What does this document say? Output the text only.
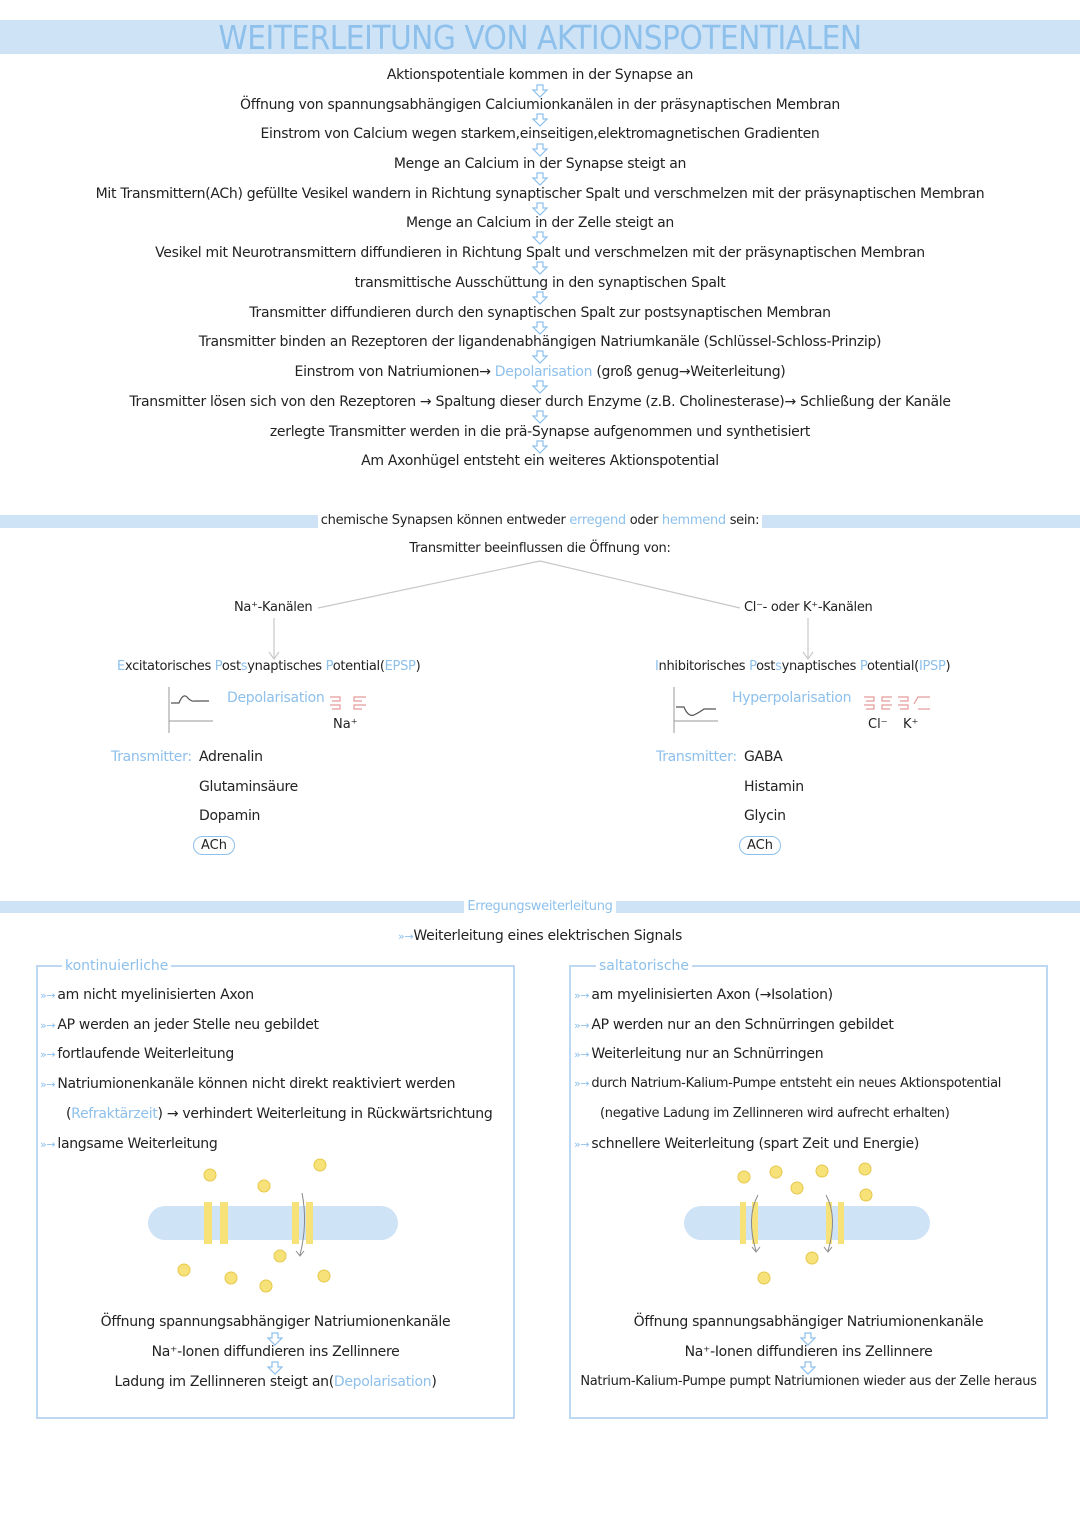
WEITERLEITUNG VON AKTIONSPOTENTIALEN
Aktionspotentiale kommen in der Synapse an
Öffnung von spannungsabhängigen Calciumionkanälen in der präsynaptischen Membran
Einstrom von Calcium wegen starkem,einseitigen,elektromagnetischen Gradienten
Menge an Calcium in der Synapse steigt an
Mit Transmittern(ACh) gefüllte Vesikel wandern in Richtung synaptischer Spalt und verschmelzen mit der präsynaptischen Membran
Menge an Calcium in der Zelle steigt an
Vesikel mit Neurotransmittern diffundieren in Richtung Spalt und verschmelzen mit der präsynaptischen Membran
transmittische Ausschüttung in den synaptischen Spalt
Transmitter diffundieren durch den synaptischen Spalt zur postsynaptischen Membran
Transmitter binden an Rezeptoren der ligandenabhängigen Natriumkanäle (Schlüssel-Schloss-Prinzip)
Einstrom von Natriumionen→ Depolarisation (groß genug→Weiterleitung)
Transmitter lösen sich von den Rezeptoren → Spaltung dieser durch Enzyme (z.B. Cholinesterase)→ Schließung der Kanäle
zerlegte Transmitter werden in die prä-Synapse aufgenommen und synthetisiert
Am Axonhügel entsteht ein weiteres Aktionspotential
chemische Synapsen können entweder erregend oder hemmend sein:
Transmitter beeinflussen die Öffnung von:
Na⁺-Kanälen
Excitatorisches Postsynaptisches Potential(EPSP)
Depolarisation
Na⁺
Transmitter: Adrenalin
Glutaminsäure
Dopamin
ACh
Cl⁻- oder K⁺-Kanälen
Inhibitorisches Postsynaptisches Potential(IPSP)
Hyperpolarisation
Cl⁻ K⁺
Transmitter: GABA
Histamin
Glycin
ACh
Erregungsweiterleitung
»→Weiterleitung eines elektrischen Signals
kontinuierliche
»→ am nicht myelinisierten Axon
»→ AP werden an jeder Stelle neu gebildet
»→ fortlaufende Weiterleitung
»→ Natriumionenkanäle können nicht direkt reaktiviert werden
(Refraktärzeit) → verhindert Weiterleitung in Rückwärtsrichtung
»→ langsame Weiterleitung
Öffnung spannungsabhängiger Natriumionenkanäle
Na⁺-Ionen diffundieren ins Zellinnere
Ladung im Zellinneren steigt an(Depolarisation)
saltatorische
»→ am myelinisierten Axon (→Isolation)
»→ AP werden nur an den Schnürringen gebildet
»→ Weiterleitung nur an Schnürringen
»→ durch Natrium-Kalium-Pumpe entsteht ein neues Aktionspotential
(negative Ladung im Zellinneren wird aufrecht erhalten)
»→ schnellere Weiterleitung (spart Zeit und Energie)
Öffnung spannungsabhängiger Natriumionenkanäle
Na⁺-Ionen diffundieren ins Zellinnere
Natrium-Kalium-Pumpe pumpt Natriumionen wieder aus der Zelle heraus
